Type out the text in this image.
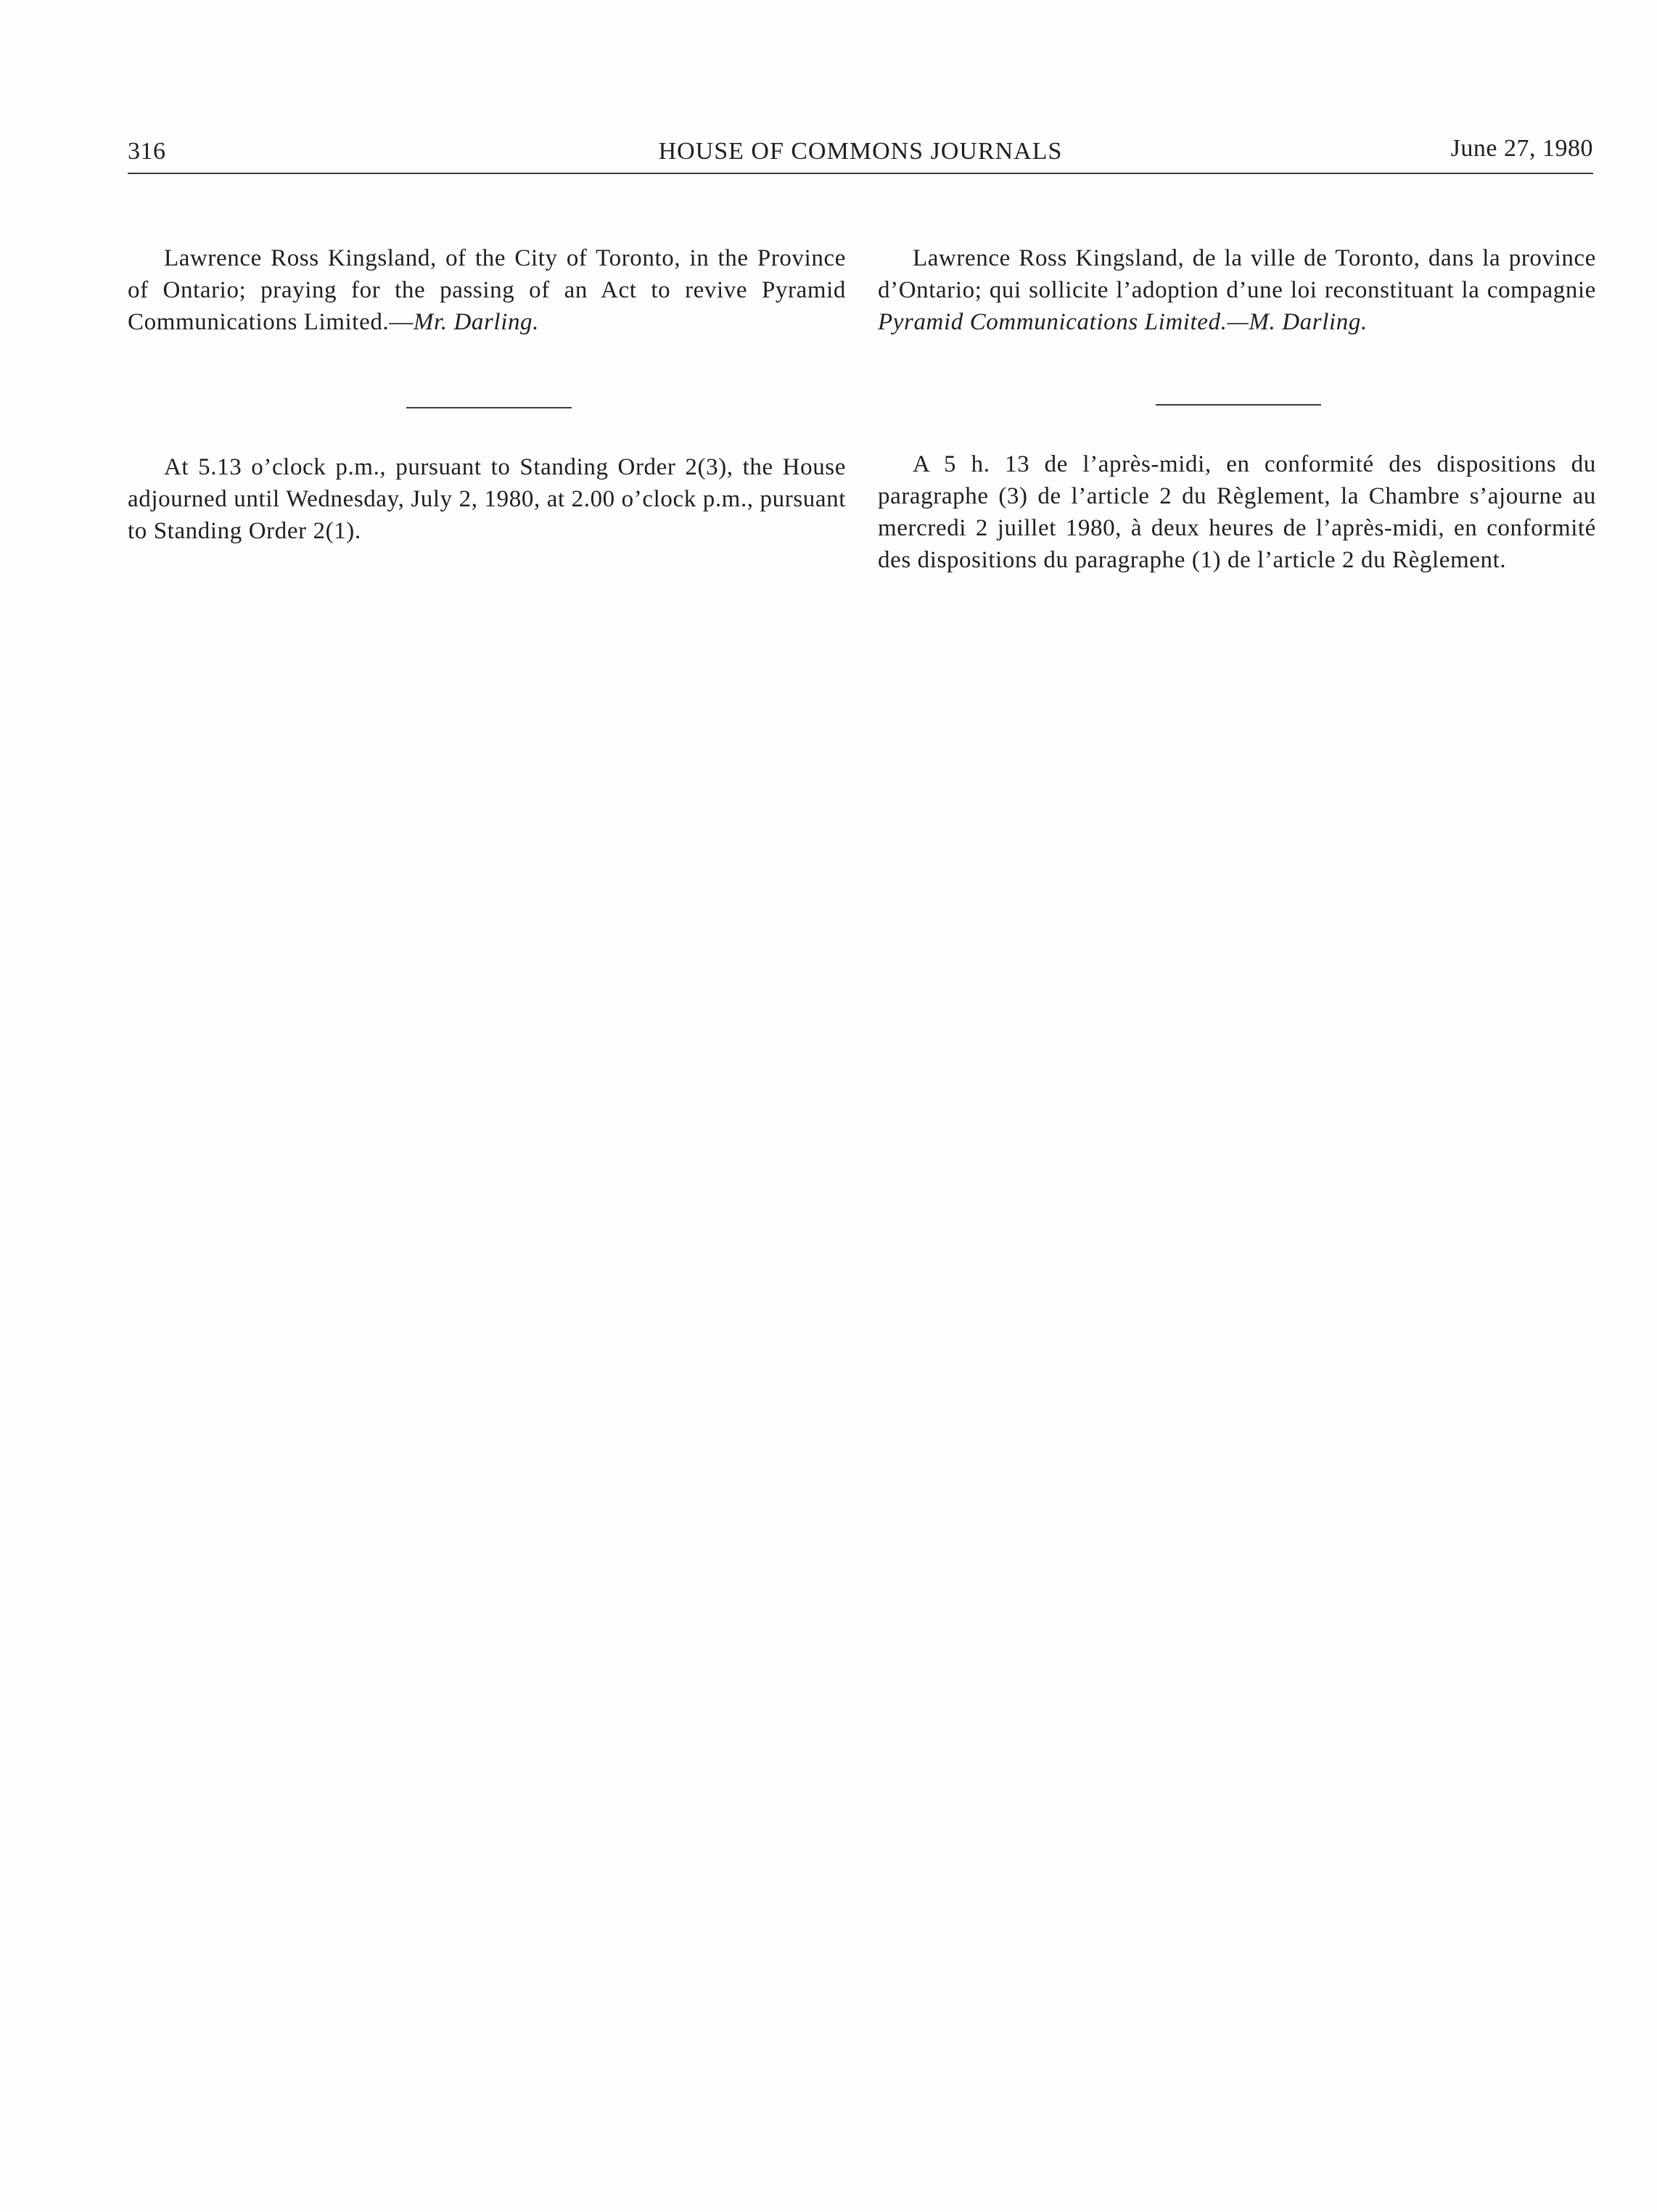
316	HOUSE OF COMMONS JOURNALS	June 27, 1980

Lawrence Ross Kingsland, of the City of Toronto, in the Province of Ontario; praying for the passing of an Act to revive Pyramid Communications Limited.—Mr. Darling.

Lawrence Ross Kingsland, de la ville de Toronto, dans la province d’Ontario; qui sollicite l’adoption d’une loi reconstituant la compagnie Pyramid Communications Limited.—M. Darling.

At 5.13 o’clock p.m., pursuant to Standing Order 2(3), the House adjourned until Wednesday, July 2, 1980, at 2.00 o’clock p.m., pursuant to Standing Order 2(1).

A 5 h. 13 de l’après-midi, en conformité des dispositions du paragraphe (3) de l’article 2 du Règlement, la Chambre s’ajourne au mercredi 2 juillet 1980, à deux heures de l’après-midi, en conformité des dispositions du paragraphe (1) de l’article 2 du Règlement.
